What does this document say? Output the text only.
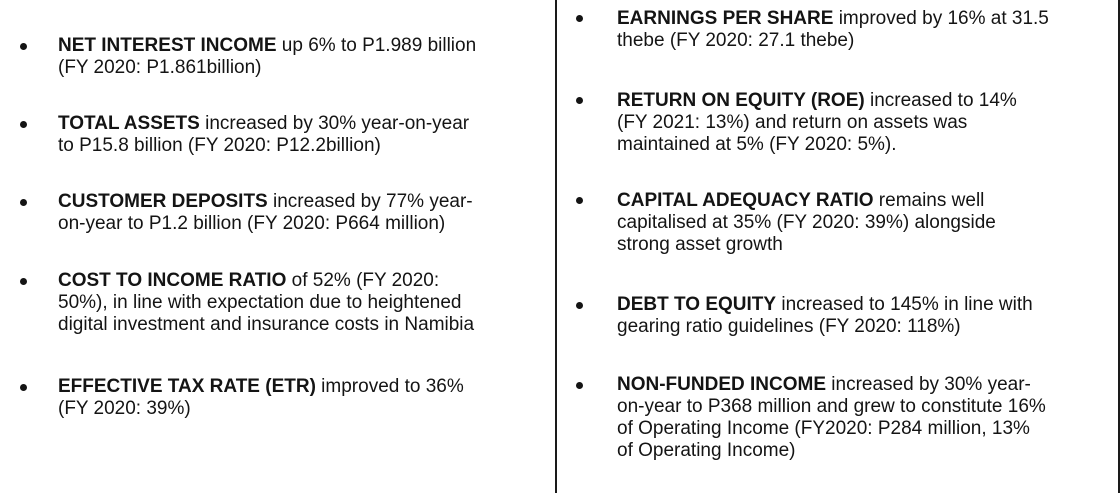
NET INTEREST INCOME up 6% to P1.989 billion
(FY 2020: P1.861billion)
TOTAL ASSETS increased by 30% year-on-year
to P15.8 billion (FY 2020: P12.2billion)
CUSTOMER DEPOSITS increased by 77% year-
on-year to P1.2 billion (FY 2020: P664 million)
COST TO INCOME RATIO of 52% (FY 2020:
50%), in line with expectation due to heightened
digital investment and insurance costs in Namibia
EFFECTIVE TAX RATE (ETR) improved to 36%
(FY 2020: 39%)
EARNINGS PER SHARE improved by 16% at 31.5
thebe (FY 2020: 27.1 thebe)
RETURN ON EQUITY (ROE) increased to 14%
(FY 2021: 13%) and return on assets was
maintained at 5% (FY 2020: 5%).
CAPITAL ADEQUACY RATIO remains well
capitalised at 35% (FY 2020: 39%) alongside
strong asset growth
DEBT TO EQUITY increased to 145% in line with
gearing ratio guidelines (FY 2020: 118%)
NON-FUNDED INCOME increased by 30% year-
on-year to P368 million and grew to constitute 16%
of Operating Income (FY2020: P284 million, 13%
of Operating Income)
